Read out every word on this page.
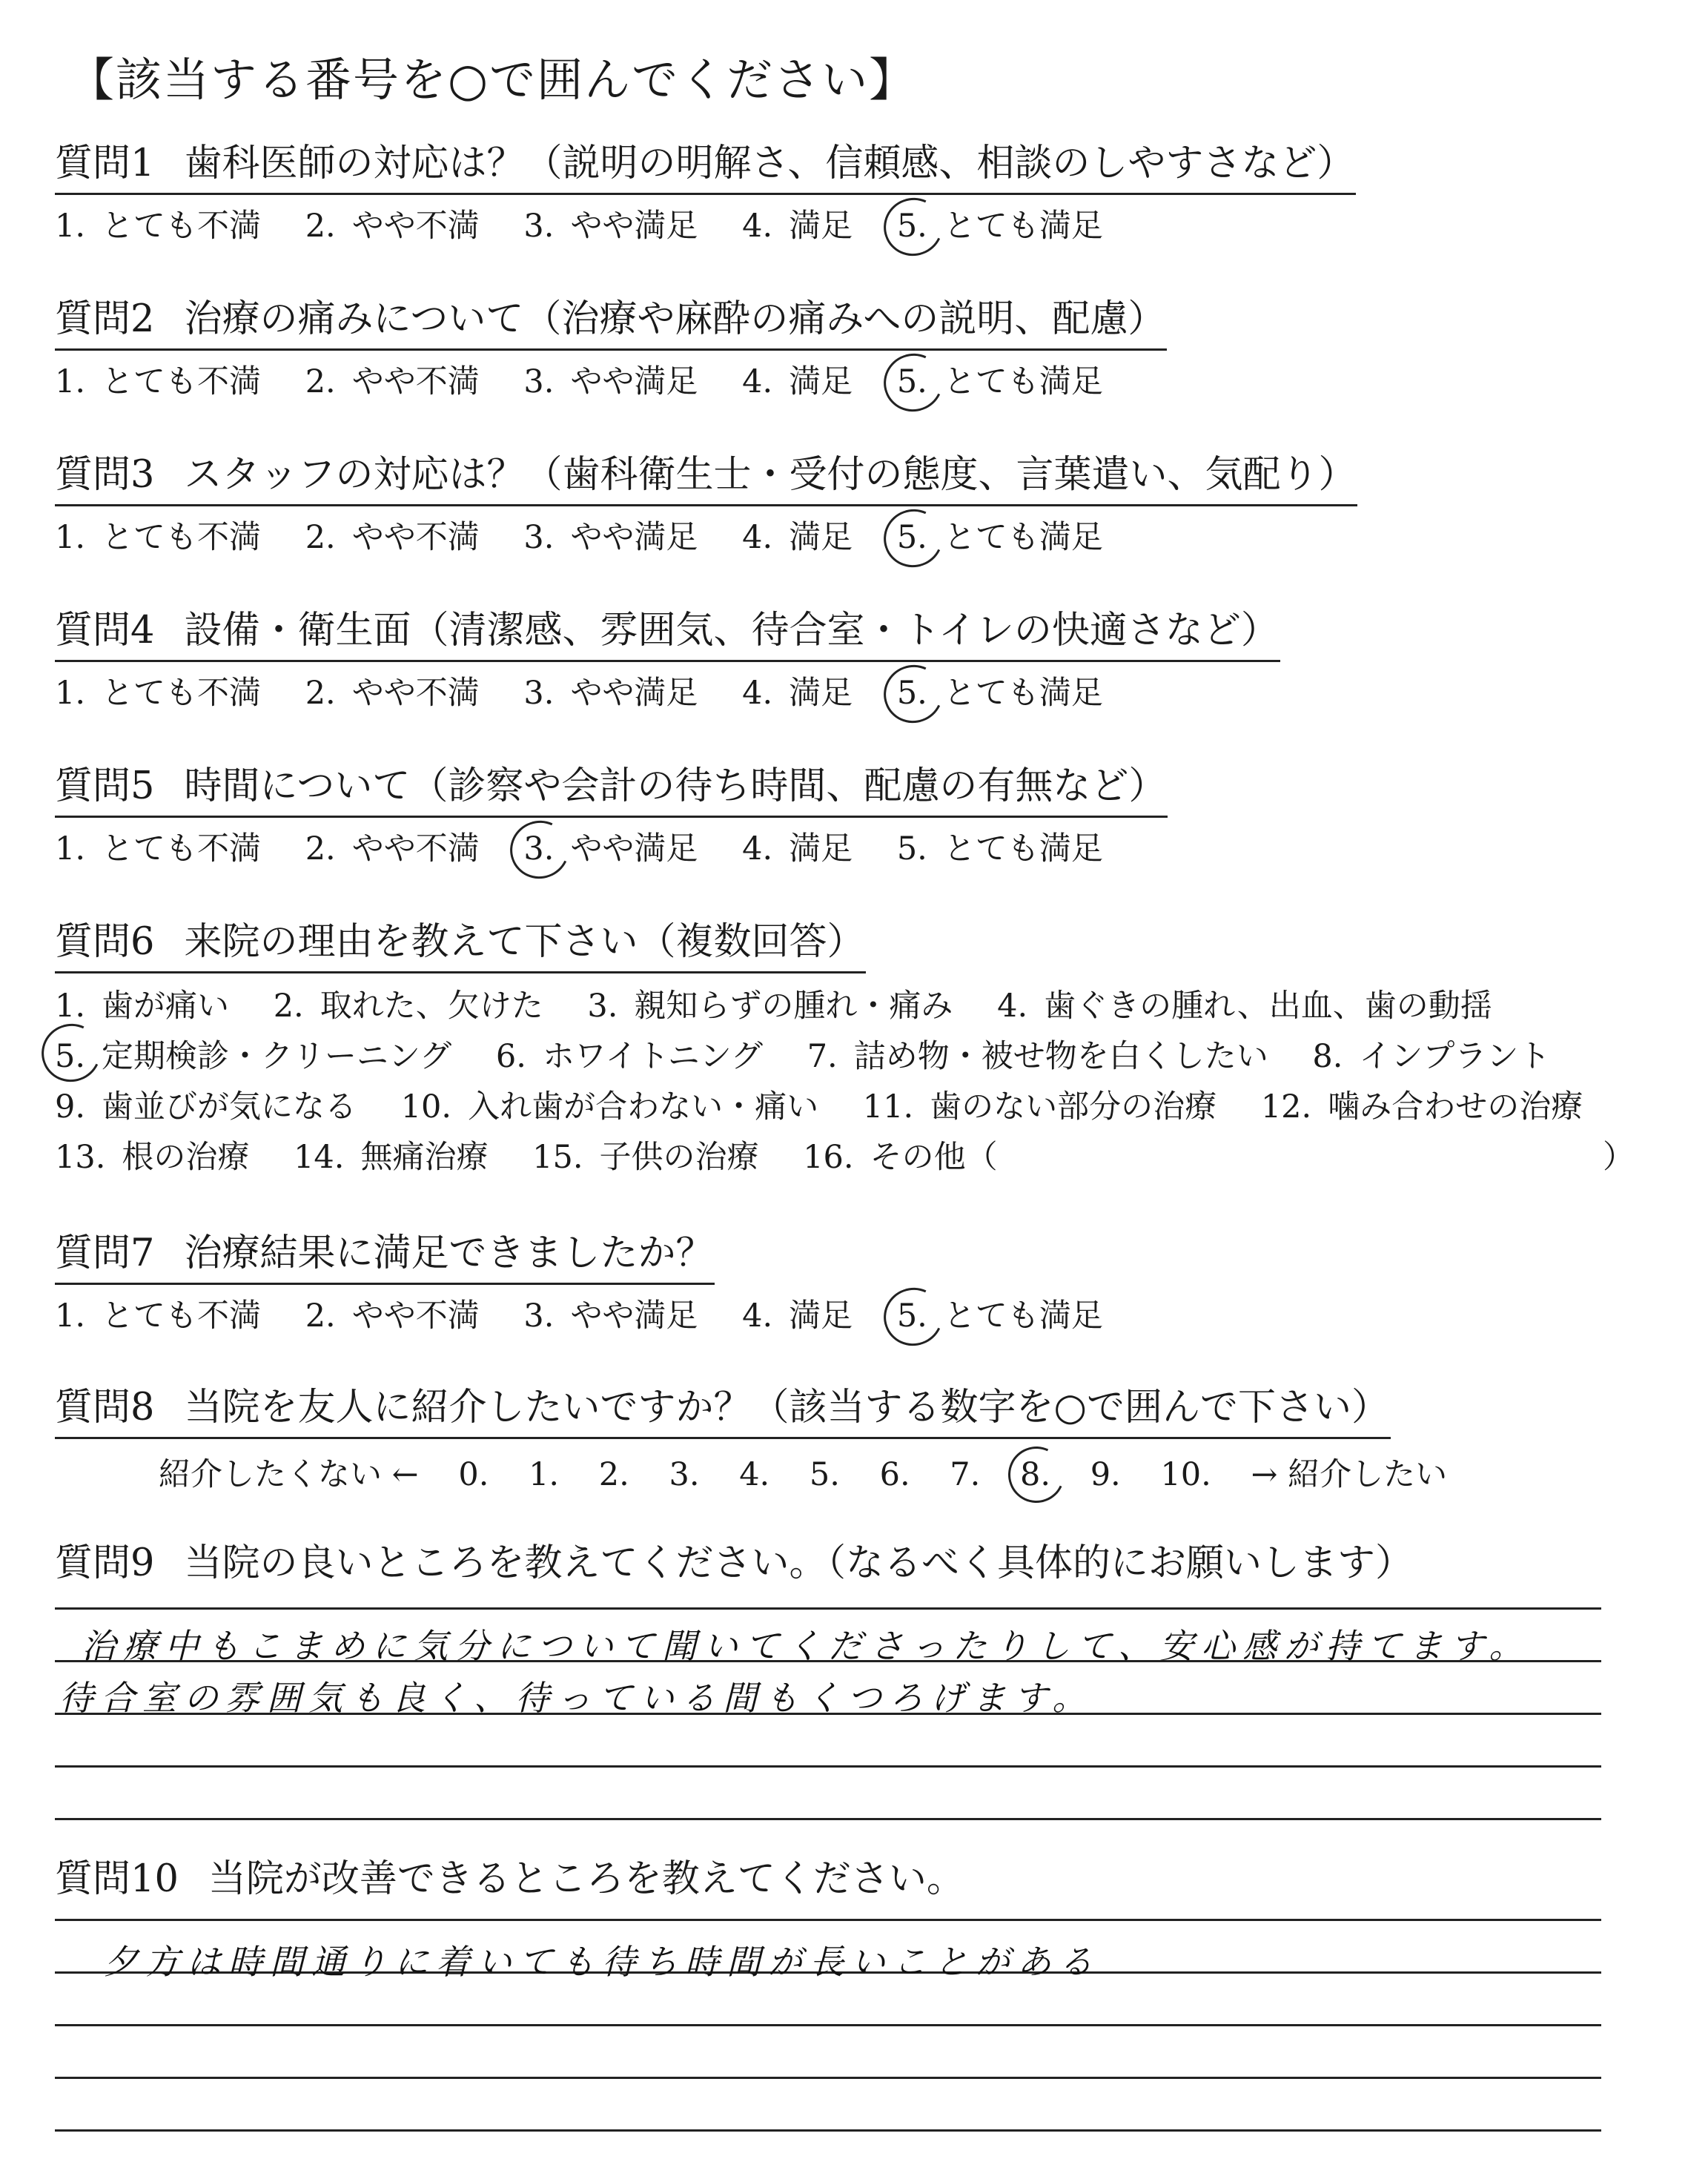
【該当する番号を○で囲んでください】
質問1 歯科医師の対応は？（説明の明解さ、信頼感、相談のしやすさなど）
1. とても不満 2. やや不満 3. やや満足 4. 満足 5. とても満足
質問2 治療の痛みについて（治療や麻酔の痛みへの説明、配慮）
1. とても不満 2. やや不満 3. やや満足 4. 満足 5. とても満足
質問3 スタッフの対応は？（歯科衛生士・受付の態度、言葉遣い、気配り）
1. とても不満 2. やや不満 3. やや満足 4. 満足 5. とても満足
質問4 設備・衛生面（清潔感、雰囲気、待合室・トイレの快適さなど）
1. とても不満 2. やや不満 3. やや満足 4. 満足 5. とても満足
質問5 時間について（診察や会計の待ち時間、配慮の有無など）
1. とても不満 2. やや不満 3. やや満足 4. 満足 5. とても満足
質問6 来院の理由を教えて下さい（複数回答）
1. 歯が痛い 2. 取れた、欠けた 3. 親知らずの腫れ・痛み 4. 歯ぐきの腫れ、出血、歯の動揺
5. 定期検診・クリーニング 6. ホワイトニング 7. 詰め物・被せ物を白くしたい 8. インプラント
9. 歯並びが気になる 10. 入れ歯が合わない・痛い 11. 歯のない部分の治療 12. 噛み合わせの治療
13. 根の治療 14. 無痛治療 15. 子供の治療 16. その他（	）
質問7 治療結果に満足できましたか？
1. とても不満 2. やや不満 3. やや満足 4. 満足 5. とても満足
質問8 当院を友人に紹介したいですか？（該当する数字を○で囲んで下さい）
紹介したくない ← 0. 1. 2. 3. 4. 5. 6. 7. 8. 9. 10. → 紹介したい
質問9 当院の良いところを教えてください。（なるべく具体的にお願いします）
治療中もこまめに気分について聞いてくださったりして、安心感が持てます。
待合室の雰囲気も良く、待っている間もくつろげます。
質問10 当院が改善できるところを教えてください。
夕方は時間通りに着いても待ち時間が長いことがある
